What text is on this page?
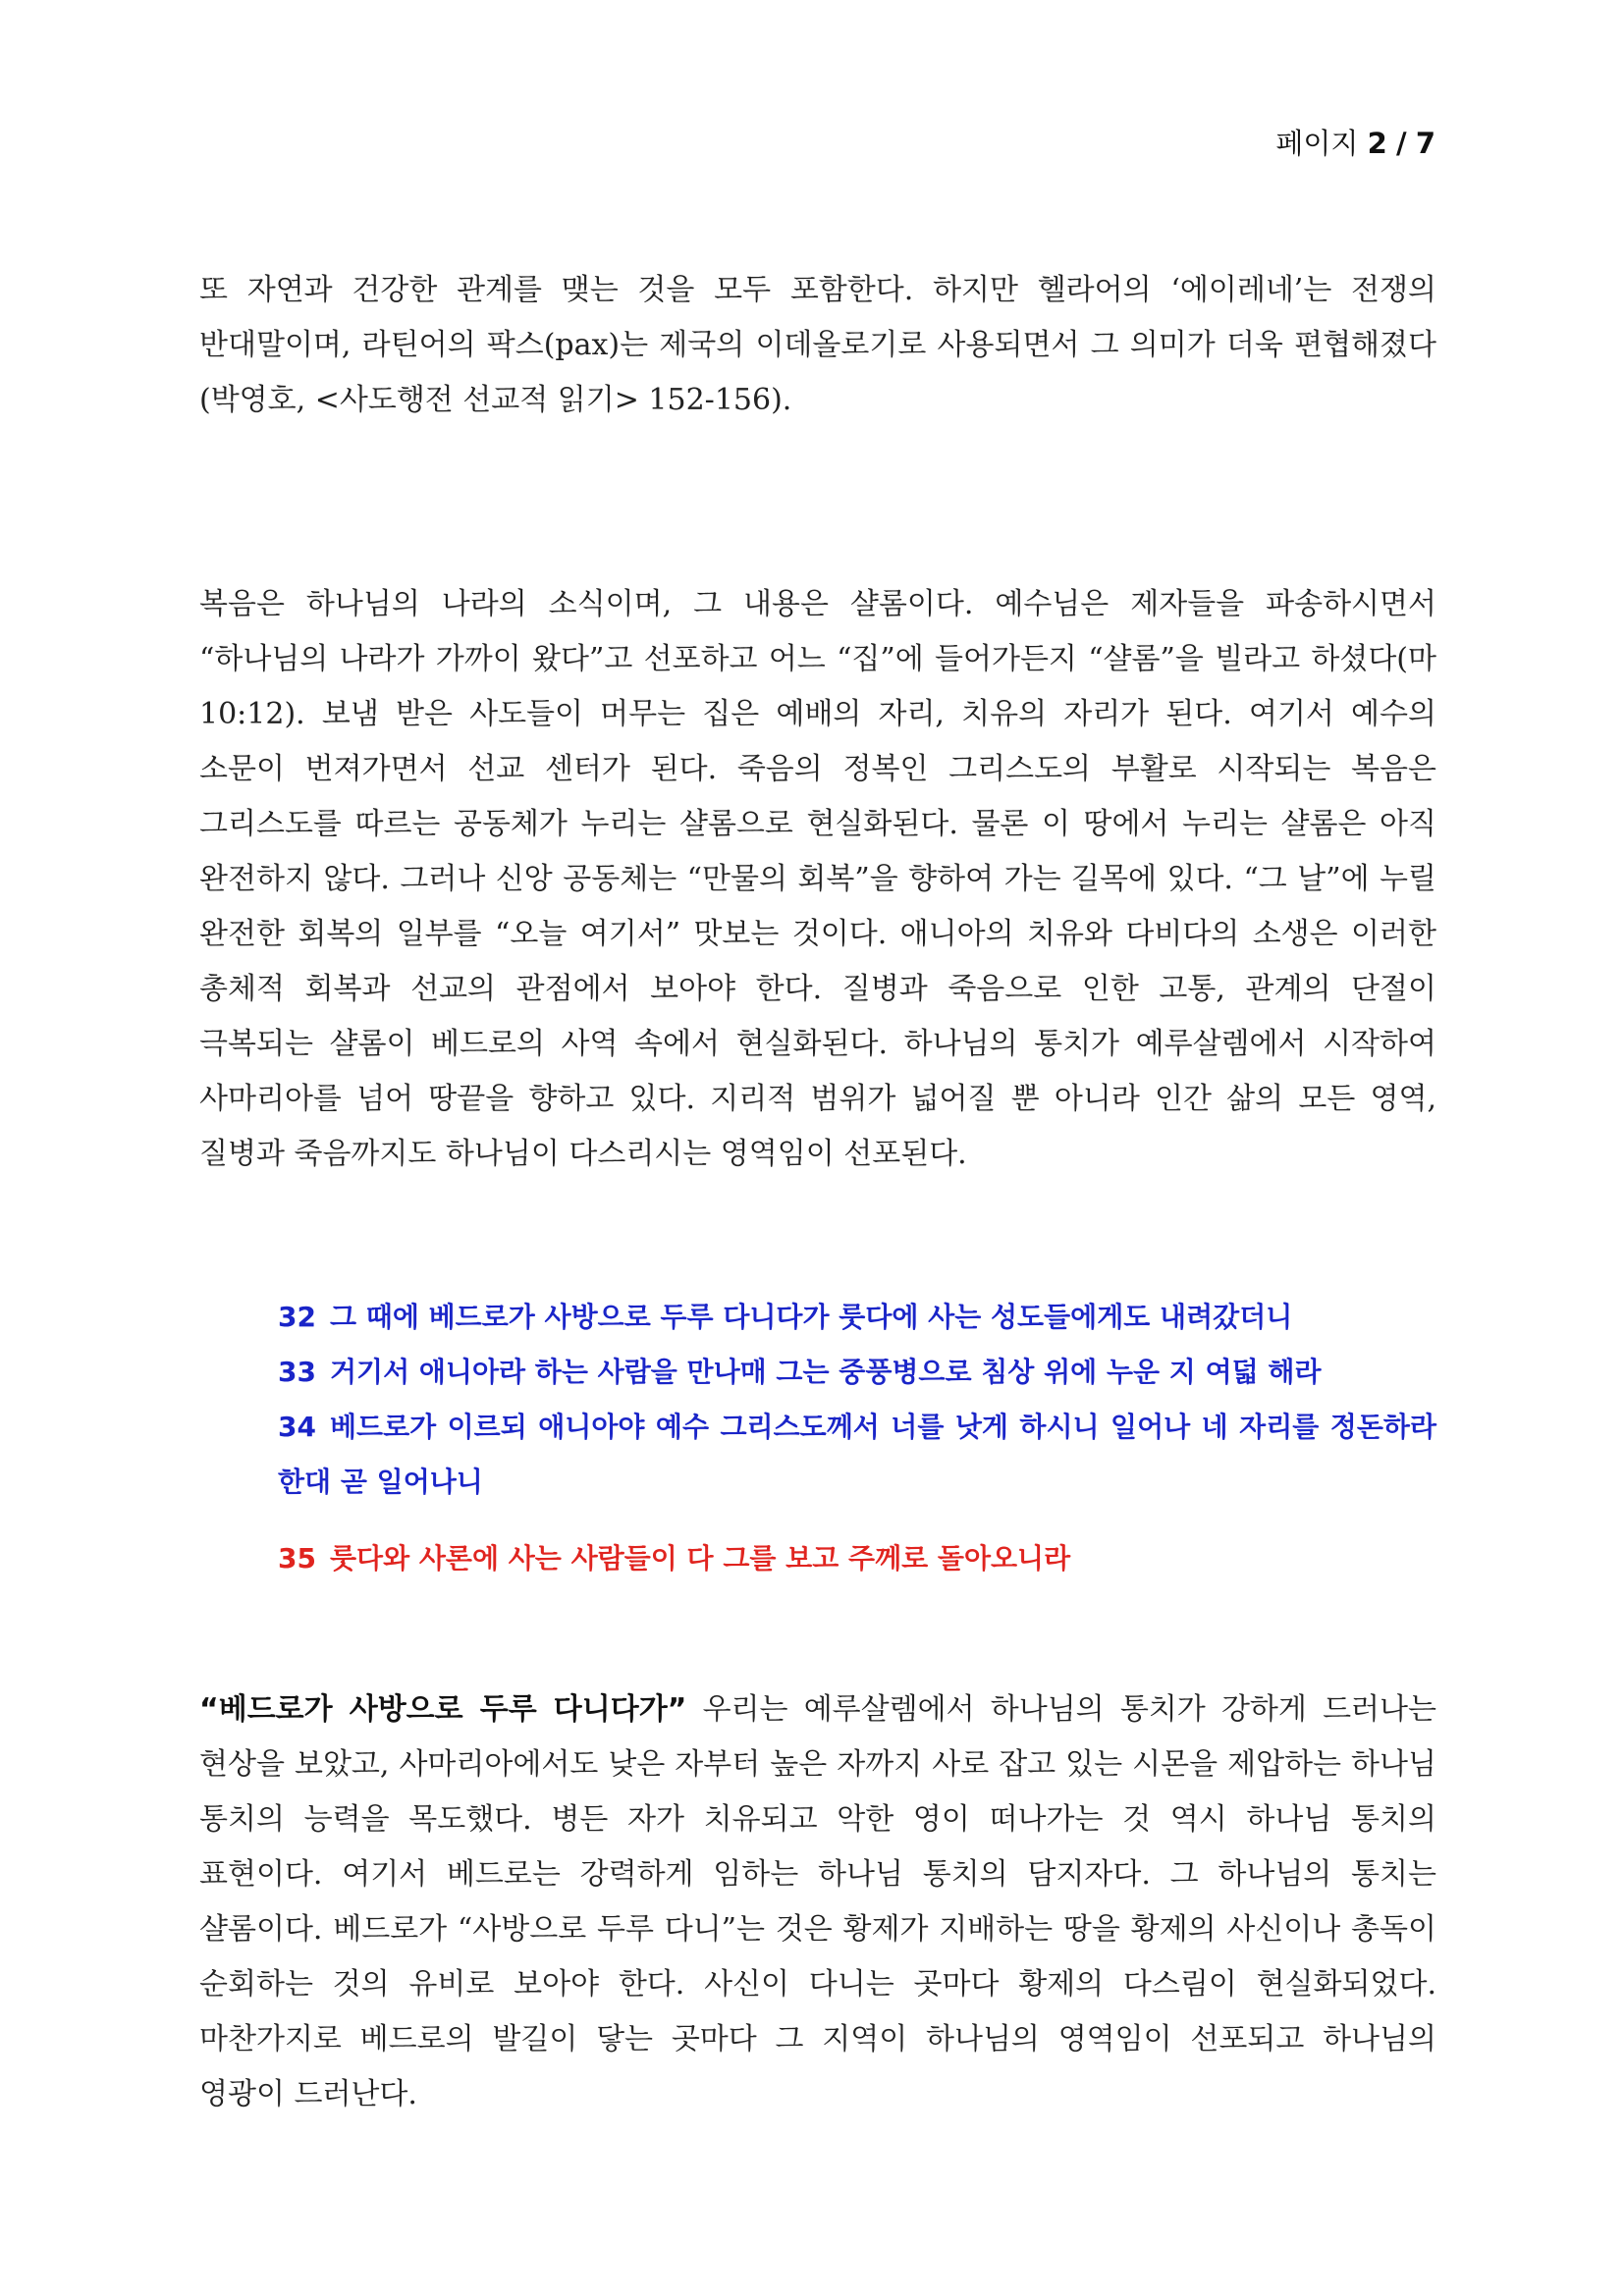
페이지 2 / 7

또 자연과 건강한 관계를 맺는 것을 모두 포함한다. 하지만 헬라어의 ‘에이레네’는 전쟁의 반대말이며, 라틴어의 팍스(pax)는 제국의 이데올로기로 사용되면서 그 의미가 더욱 편협해졌다(박영호, <사도행전 선교적 읽기> 152-156).

복음은 하나님의 나라의 소식이며, 그 내용은 샬롬이다. 예수님은 제자들을 파송하시면서 “하나님의 나라가 가까이 왔다”고 선포하고 어느 “집”에 들어가든지 “샬롬”을 빌라고 하셨다(마 10:12). 보냄 받은 사도들이 머무는 집은 예배의 자리, 치유의 자리가 된다. 여기서 예수의 소문이 번져가면서 선교 센터가 된다. 죽음의 정복인 그리스도의 부활로 시작되는 복음은 그리스도를 따르는 공동체가 누리는 샬롬으로 현실화된다. 물론 이 땅에서 누리는 샬롬은 아직 완전하지 않다. 그러나 신앙 공동체는 “만물의 회복”을 향하여 가는 길목에 있다. “그 날”에 누릴 완전한 회복의 일부를 “오늘 여기서” 맛보는 것이다. 애니아의 치유와 다비다의 소생은 이러한 총체적 회복과 선교의 관점에서 보아야 한다. 질병과 죽음으로 인한 고통, 관계의 단절이 극복되는 샬롬이 베드로의 사역 속에서 현실화된다. 하나님의 통치가 예루살렘에서 시작하여 사마리아를 넘어 땅끝을 향하고 있다. 지리적 범위가 넓어질 뿐 아니라 인간 삶의 모든 영역, 질병과 죽음까지도 하나님이 다스리시는 영역임이 선포된다.

32 그 때에 베드로가 사방으로 두루 다니다가 룻다에 사는 성도들에게도 내려갔더니

33 거기서 애니아라 하는 사람을 만나매 그는 중풍병으로 침상 위에 누운 지 여덟 해라

34 베드로가 이르되 애니아야 예수 그리스도께서 너를 낫게 하시니 일어나 네 자리를 정돈하라 한대 곧 일어나니

35 룻다와 사론에 사는 사람들이 다 그를 보고 주께로 돌아오니라

“베드로가 사방으로 두루 다니다가” 우리는 예루살렘에서 하나님의 통치가 강하게 드러나는 현상을 보았고, 사마리아에서도 낮은 자부터 높은 자까지 사로 잡고 있는 시몬을 제압하는 하나님 통치의 능력을 목도했다. 병든 자가 치유되고 악한 영이 떠나가는 것 역시 하나님 통치의 표현이다. 여기서 베드로는 강력하게 임하는 하나님 통치의 담지자다. 그 하나님의 통치는 샬롬이다. 베드로가 “사방으로 두루 다니”는 것은 황제가 지배하는 땅을 황제의 사신이나 총독이 순회하는 것의 유비로 보아야 한다. 사신이 다니는 곳마다 황제의 다스림이 현실화되었다. 마찬가지로 베드로의 발길이 닿는 곳마다 그 지역이 하나님의 영역임이 선포되고 하나님의 영광이 드러난다.
